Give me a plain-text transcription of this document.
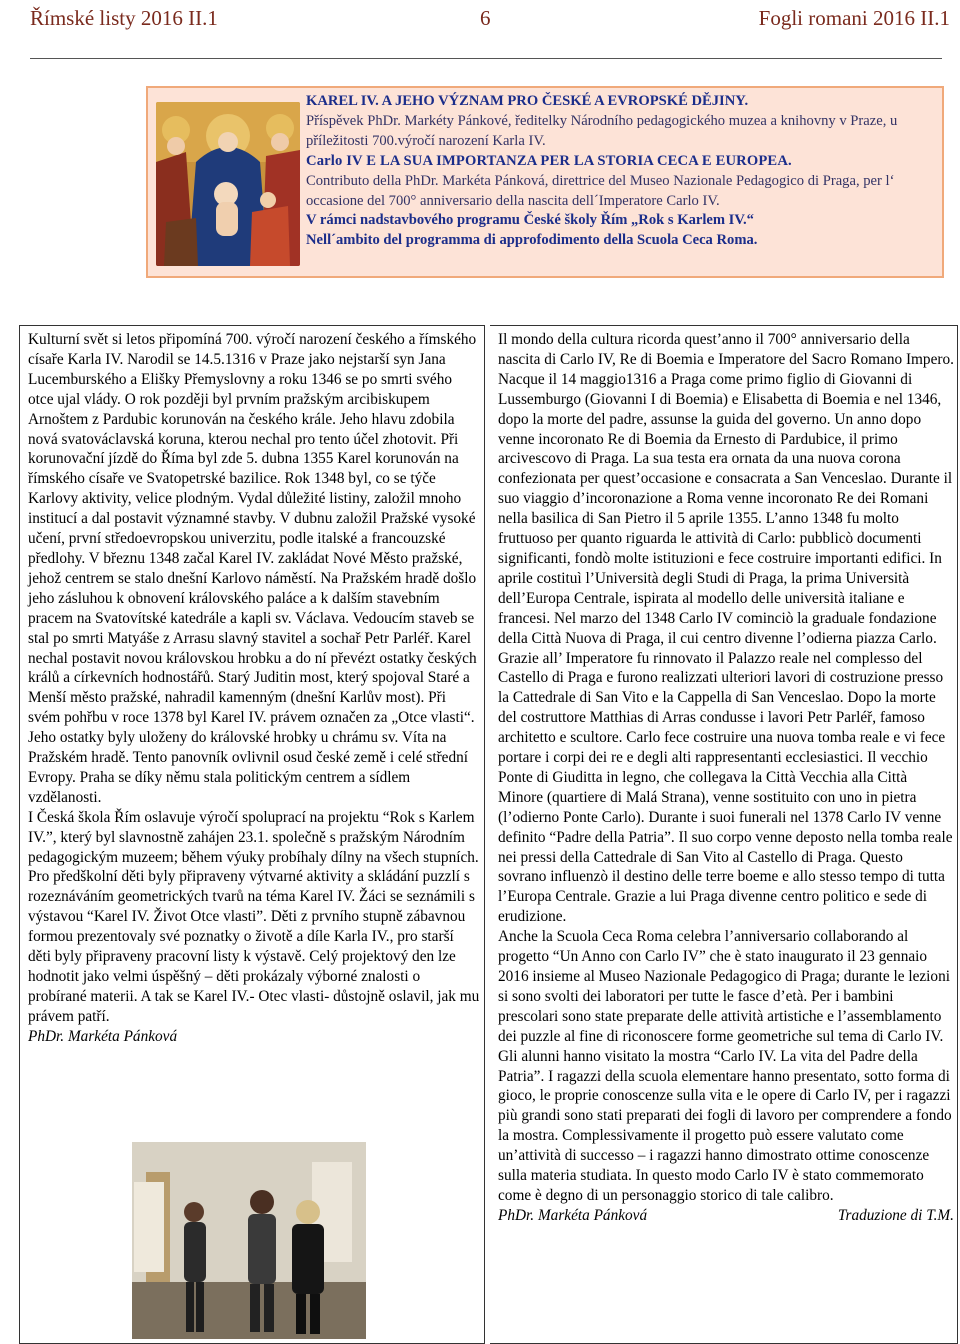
Římské listy 2016 II.1	6	Fogli romani 2016 II.1
KAREL IV. A JEHO VÝZNAM PRO ČESKÉ A EVROPSKÉ DĚJINY.
Příspěvek PhDr. Markéty Pánkové, ředitelky Národního pedagogického muzea a knihovny v Praze, u příležitosti 700.výročí narození Karla IV.
Carlo IV E LA SUA IMPORTANZA PER LA STORIA CECA E EUROPEA.
Contributo della PhDr. Markéta Pánková, direttrice del Museo Nazionale Pedagogico di Praga, per l‘ occasione del 700° anniversario della nascita dell´Imperatore Carlo IV.
V rámci nadstavbového programu České školy Řím „Rok s Karlem IV.“
Nell´ambito del programma di approfodimento della Scuola Ceca Roma.

Kulturní svět si letos připomíná 700. výročí narození českého a římského císaře Karla IV. Narodil se 14.5.1316 v Praze jako nejstarší syn Jana Lucemburského a Elišky Přemyslovny a roku 1346 se po smrti svého otce ujal vlády. O rok později byl prvním pražským arcibiskupem Arnoštem z Pardubic korunován na českého krále. Jeho hlavu zdobila nová svatováclavská koruna, kterou nechal pro tento účel zhotovit. Při korunovační jízdě do Říma byl zde 5. dubna 1355 Karel korunován na římského císaře ve Svatopetrské bazilice. Rok 1348 byl, co se týče Karlovy aktivity, velice plodným. Vydal důležité listiny, založil mnoho institucí a dal postavit významné stavby. V dubnu založil Pražské vysoké učení, první středoevropskou univerzitu, podle italské a francouzské předlohy. V březnu 1348 začal Karel IV. zakládat Nové Město pražské, jehož centrem se stalo dnešní Karlovo náměstí. Na Pražském hradě došlo jeho zásluhou k obnovení královského paláce a k dalším stavebním pracem na Svatovítské katedrále a kapli sv. Václava. Vedoucím staveb se stal po smrti Matyáše z Arrasu slavný stavitel a sochař Petr Parléř. Karel nechal postavit novou královskou hrobku a do ní převézt ostatky českých králů a církevních hodnostářů. Starý Juditin most, který spojoval Staré a Menší město pražské, nahradil kamenným (dnešní Karlův most). Při svém pohřbu v roce 1378 byl Karel IV. právem označen za „Otce vlasti“. Jeho ostatky byly uloženy do královské hrobky u chrámu sv. Víta na Pražském hradě. Tento panovník ovlivnil osud české země i celé střední Evropy. Praha se díky němu stala politickým centrem a sídlem vzdělanosti.

I Česká škola Řím oslavuje výročí spoluprací na projektu “Rok s Karlem IV.”, který byl slavnostně zahájen 23.1. společně s pražským Národním pedagogickým muzeem; během výuky probíhaly dílny na všech stupních. Pro předškolní děti byly připraveny výtvarné aktivity a skládání puzzlí s rozeznáváním geometrických tvarů na téma Karel IV. Žáci se seznámili s výstavou “Karel IV. Život Otce vlasti”. Děti z prvního stupně zábavnou formou prezentovaly své poznatky o životě a díle Karla IV., pro starší děti byly připraveny pracovní listy k výstavě. Celý projektový den lze hodnotit jako velmi úspěšný – děti prokázaly výborné znalosti o probírané materii. A tak se Karel IV.- Otec vlasti- důstojně oslavil, jak mu právem patří.

PhDr. Markéta Pánková

Il mondo della cultura ricorda quest’anno il 700° anniversario della nascita di Carlo IV, Re di Boemia e Imperatore del Sacro Romano Impero. Nacque il 14 maggio1316 a Praga come primo figlio di Giovanni di Lussemburgo (Giovanni I di Boemia) e Elisabetta di Boemia e nel 1346, dopo la morte del padre, assunse la guida del governo. Un anno dopo venne incoronato Re di Boemia da Ernesto di Pardubice, il primo arcivescovo di Praga. La sua testa era ornata da una nuova corona confezionata per quest’occasione e consacrata a San Venceslao. Durante il suo viaggio d’incoronazione a Roma venne incoronato Re dei Romani nella basilica di San Pietro il 5 aprile 1355. L’anno 1348 fu molto fruttuoso per quanto riguarda le attività di Carlo: pubblicò documenti significanti, fondò molte istituzioni e fece costruire importanti edifici. In aprile costituì l’Università degli Studi di Praga, la prima Università dell’Europa Centrale, ispirata al modello delle università italiane e francesi. Nel marzo del 1348 Carlo IV cominciò la graduale fondazione della Città Nuova di Praga, il cui centro divenne l’odierna piazza Carlo. Grazie all’ Imperatore fu rinnovato il Palazzo reale nel complesso del Castello di Praga e furono realizzati ulteriori lavori di costruzione presso la Cattedrale di San Vito e la Cappella di San Venceslao. Dopo la morte del costruttore Matthias di Arras condusse i lavori Petr Parléř, famoso architetto e scultore. Carlo fece costruire una nuova tomba reale e vi fece portare i corpi dei re e degli alti rappresentanti ecclesiastici. Il vecchio Ponte di Giuditta in legno, che collegava la Città Vecchia alla Città Minore (quartiere di Malá Strana), venne sostituito con uno in pietra (l’odierno Ponte Carlo). Durante i suoi funerali nel 1378 Carlo IV venne definito “Padre della Patria”. Il suo corpo venne deposto nella tomba reale nei pressi della Cattedrale di San Vito al Castello di Praga. Questo sovrano influenzò il destino delle terre boeme e allo stesso tempo di tutta l’Europa Centrale. Grazie a lui Praga divenne centro politico e sede di erudizione.

Anche la Scuola Ceca Roma celebra l’anniversario collaborando al progetto “Un Anno con Carlo IV” che è stato inaugurato il 23 gennaio 2016 insieme al Museo Nazionale Pedagogico di Praga; durante le lezioni si sono svolti dei laboratori per tutte le fasce d’età. Per i bambini prescolari sono state preparate delle attività artistiche e l’assemblamento dei puzzle al fine di riconoscere forme geometriche sul tema di Carlo IV. Gli alunni hanno visitato la mostra “Carlo IV. La vita del Padre della Patria”. I ragazzi della scuola elementare hanno presentato, sotto forma di gioco, le proprie conoscenze sulla vita e le opere di Carlo IV, per i ragazzi più grandi sono stati preparati dei fogli di lavoro per comprendere a fondo la mostra. Complessivamente il progetto può essere valutato come un’attività di successo – i ragazzi hanno dimostrato ottime conoscenze sulla materia studiata. In questo modo Carlo IV è stato commemorato come è degno di un personaggio storico di tale calibro.

PhDr. Markéta Pánková	Traduzione di T.M.
